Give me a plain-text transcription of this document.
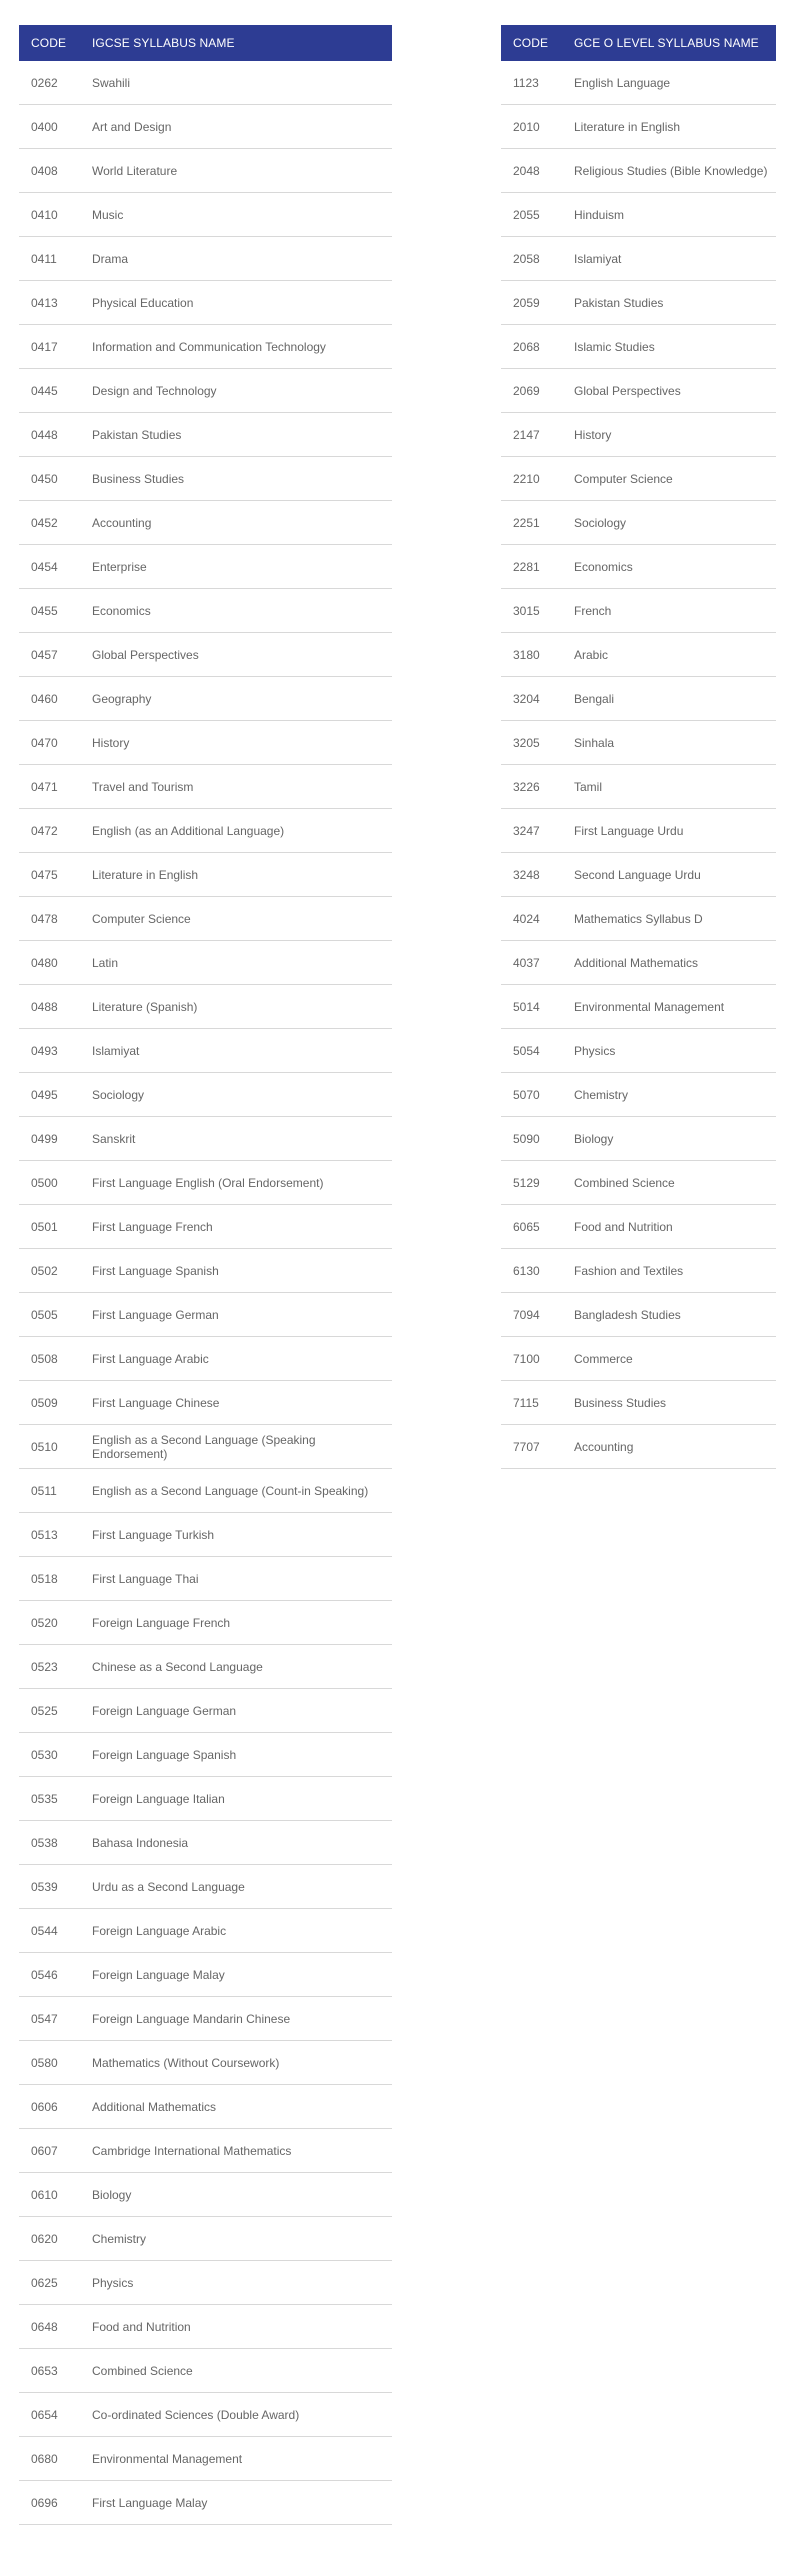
CODE	IGCSE SYLLABUS NAME
0262	Swahili
0400	Art and Design
0408	World Literature
0410	Music
0411	Drama
0413	Physical Education
0417	Information and Communication Technology
0445	Design and Technology
0448	Pakistan Studies
0450	Business Studies
0452	Accounting
0454	Enterprise
0455	Economics
0457	Global Perspectives
0460	Geography
0470	History
0471	Travel and Tourism
0472	English (as an Additional Language)
0475	Literature in English
0478	Computer Science
0480	Latin
0488	Literature (Spanish)
0493	Islamiyat
0495	Sociology
0499	Sanskrit
0500	First Language English (Oral Endorsement)
0501	First Language French
0502	First Language Spanish
0505	First Language German
0508	First Language Arabic
0509	First Language Chinese
0510	English as a Second Language (Speaking Endorsement)
0511	English as a Second Language (Count-in Speaking)
0513	First Language Turkish
0518	First Language Thai
0520	Foreign Language French
0523	Chinese as a Second Language
0525	Foreign Language German
0530	Foreign Language Spanish
0535	Foreign Language Italian
0538	Bahasa Indonesia
0539	Urdu as a Second Language
0544	Foreign Language Arabic
0546	Foreign Language Malay
0547	Foreign Language Mandarin Chinese
0580	Mathematics (Without Coursework)
0606	Additional Mathematics
0607	Cambridge International Mathematics
0610	Biology
0620	Chemistry
0625	Physics
0648	Food and Nutrition
0653	Combined Science
0654	Co-ordinated Sciences (Double Award)
0680	Environmental Management
0696	First Language Malay
CODE	GCE O LEVEL SYLLABUS NAME
1123	English Language
2010	Literature in English
2048	Religious Studies (Bible Knowledge)
2055	Hinduism
2058	Islamiyat
2059	Pakistan Studies
2068	Islamic Studies
2069	Global Perspectives
2147	History
2210	Computer Science
2251	Sociology
2281	Economics
3015	French
3180	Arabic
3204	Bengali
3205	Sinhala
3226	Tamil
3247	First Language Urdu
3248	Second Language Urdu
4024	Mathematics Syllabus D
4037	Additional Mathematics
5014	Environmental Management
5054	Physics
5070	Chemistry
5090	Biology
5129	Combined Science
6065	Food and Nutrition
6130	Fashion and Textiles
7094	Bangladesh Studies
7100	Commerce
7115	Business Studies
7707	Accounting
